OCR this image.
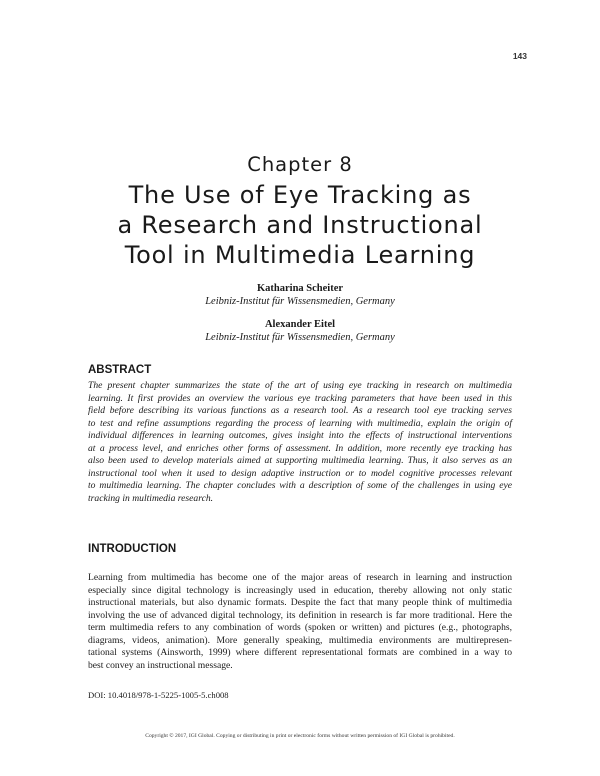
143
Chapter 8
The Use of Eye Tracking as
a Research and Instructional
Tool in Multimedia Learning
Katharina Scheiter
Leibniz-Institut für Wissensmedien, Germany
Alexander Eitel
Leibniz-Institut für Wissensmedien, Germany
ABSTRACT

The present chapter summarizes the state of the art of using eye tracking in research on multimedia
learning. It first provides an overview the various eye tracking parameters that have been used in this
field before describing its various functions as a research tool. As a research tool eye tracking serves
to test and refine assumptions regarding the process of learning with multimedia, explain the origin of
individual differences in learning outcomes, gives insight into the effects of instructional interventions
at a process level, and enriches other forms of assessment. In addition, more recently eye tracking has
also been used to develop materials aimed at supporting multimedia learning. Thus, it also serves as an
instructional tool when it used to design adaptive instruction or to model cognitive processes relevant
to multimedia learning. The chapter concludes with a description of some of the challenges in using eye
tracking in multimedia research.

INTRODUCTION

Learning from multimedia has become one of the major areas of research in learning and instruction
especially since digital technology is increasingly used in education, thereby allowing not only static
instructional materials, but also dynamic formats. Despite the fact that many people think of multimedia
involving the use of advanced digital technology, its definition in research is far more traditional. Here the
term multimedia refers to any combination of words (spoken or written) and pictures (e.g., photographs,
diagrams, videos, animation). More generally speaking, multimedia environments are multirepresen-
tational systems (Ainsworth, 1999) where different representational formats are combined in a way to
best convey an instructional message.

DOI: 10.4018/978-1-5225-1005-5.ch008
Copyright © 2017, IGI Global. Copying or distributing in print or electronic forms without written permission of IGI Global is prohibited.
